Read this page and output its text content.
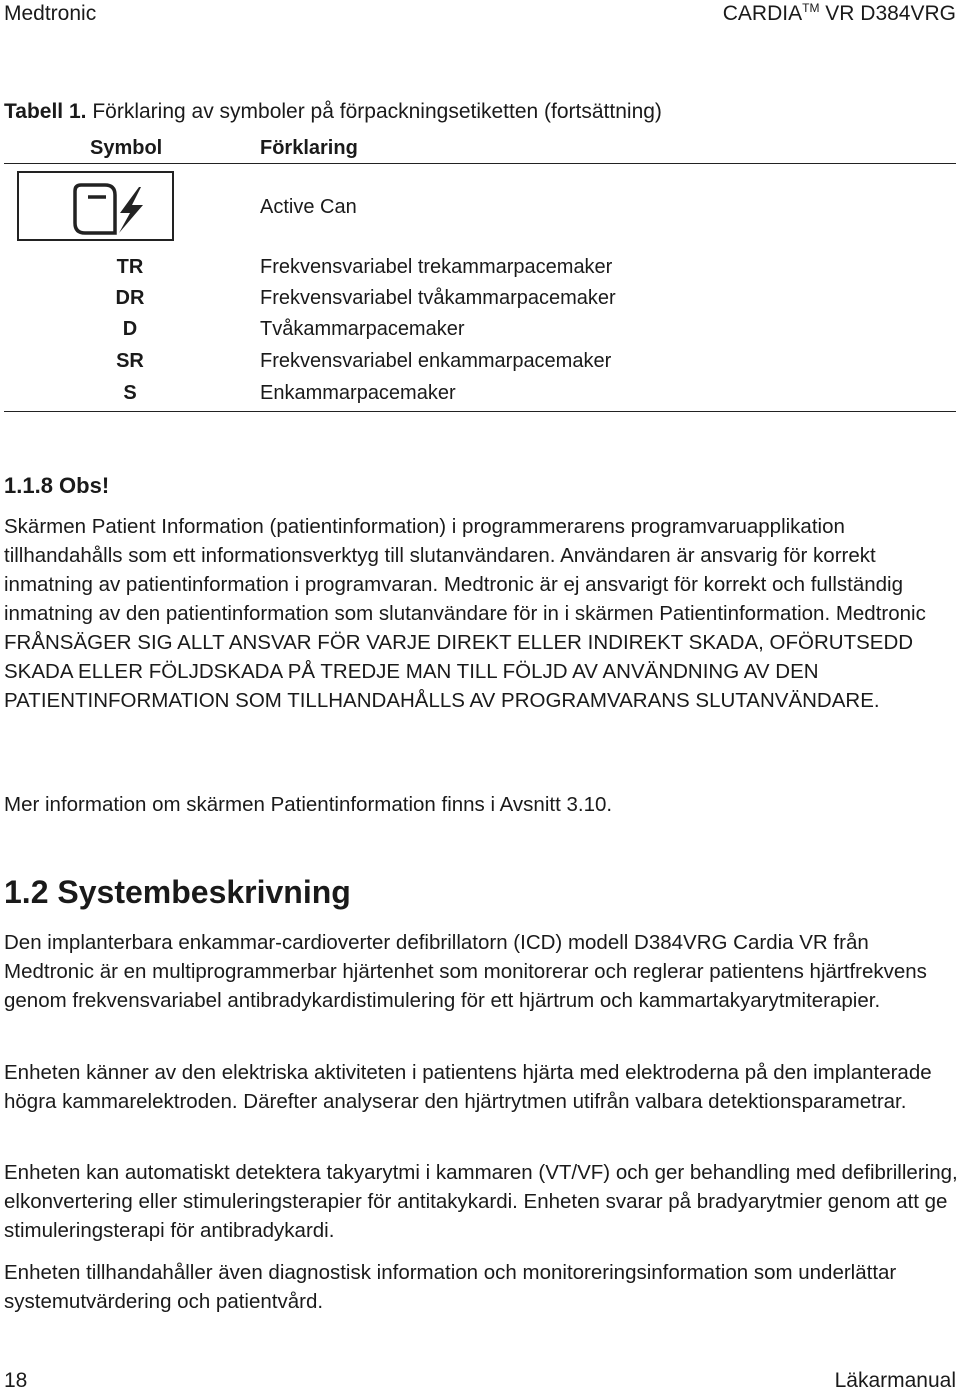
Medtronic	CARDIA™ VR D384VRG
Tabell 1. Förklaring av symboler på förpackningsetiketten (fortsättning)
Symbol	Förklaring
Active Can
TR	Frekvensvariabel trekammarpacemaker
DR	Frekvensvariabel tvåkammarpacemaker
D	Tvåkammarpacemaker
SR	Frekvensvariabel enkammarpacemaker
S	Enkammarpacemaker
1.1.8 Obs!
Skärmen Patient Information (patientinformation) i programmerarens programvaruapplikation tillhandahålls som ett informationsverktyg till slutanvändaren. Användaren är ansvarig för korrekt inmatning av patientinformation i programvaran. Medtronic är ej ansvarigt för korrekt och fullständig inmatning av den patientinformation som slutanvändare för in i skärmen Patientinformation. Medtronic FRÅNSÄGER SIG ALLT ANSVAR FÖR VARJE DIREKT ELLER INDIREKT SKADA, OFÖRUTSEDD SKADA ELLER FÖLJDSKADA PÅ TREDJE MAN TILL FÖLJD AV ANVÄNDNING AV DEN PATIENTINFORMATION SOM TILLHANDAHÅLLS AV PROGRAMVARANS SLUTANVÄNDARE.
Mer information om skärmen Patientinformation finns i Avsnitt 3.10.
1.2 Systembeskrivning
Den implanterbara enkammar-cardioverter defibrillatorn (ICD) modell D384VRG Cardia VR från Medtronic är en multiprogrammerbar hjärtenhet som monitorerar och reglerar patientens hjärtfrekvens genom frekvensvariabel antibradykardistimulering för ett hjärtrum och kammartakyarytmiterapier.
Enheten känner av den elektriska aktiviteten i patientens hjärta med elektroderna på den implanterade högra kammarelektroden. Därefter analyserar den hjärtrytmen utifrån valbara detektionsparametrar.
Enheten kan automatiskt detektera takyarytmi i kammaren (VT/VF) och ger behandling med defibrillering, elkonvertering eller stimuleringsterapier för antitakykardi. Enheten svarar på bradyarytmier genom att ge stimuleringsterapi för antibradykardi.
Enheten tillhandahåller även diagnostisk information och monitoreringsinformation som underlättar systemutvärdering och patientvård.
18	Läkarmanual
